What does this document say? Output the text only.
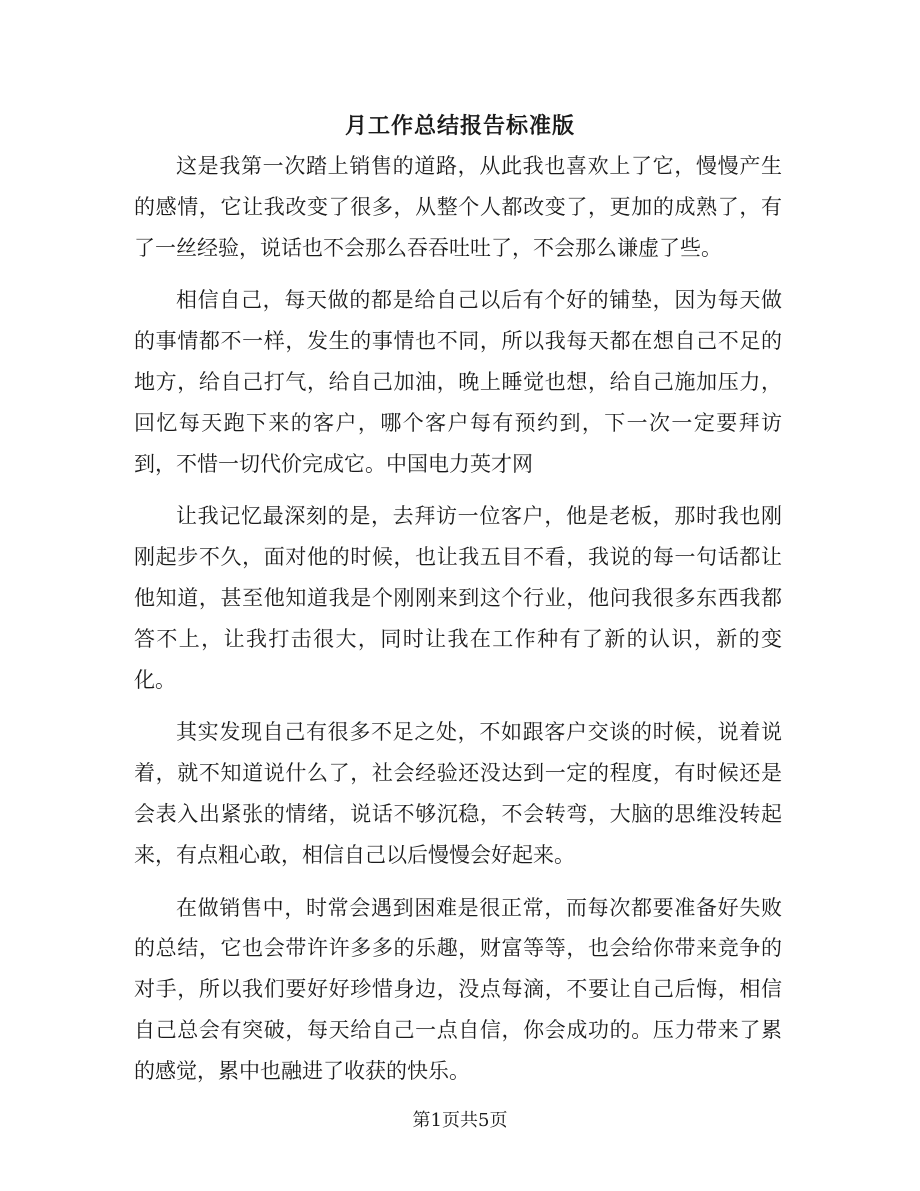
月工作总结报告标准版

这是我第一次踏上销售的道路，从此我也喜欢上了它，慢慢产生的感情，它让我改变了很多，从整个人都改变了，更加的成熟了，有了一丝经验，说话也不会那么吞吞吐吐了，不会那么谦虚了些。

相信自己，每天做的都是给自己以后有个好的铺垫，因为每天做的事情都不一样，发生的事情也不同，所以我每天都在想自己不足的地方，给自己打气，给自己加油，晚上睡觉也想，给自己施加压力，回忆每天跑下来的客户，哪个客户每有预约到，下一次一定要拜访到，不惜一切代价完成它。中国电力英才网

让我记忆最深刻的是，去拜访一位客户，他是老板，那时我也刚刚起步不久，面对他的时候，也让我五目不看，我说的每一句话都让他知道，甚至他知道我是个刚刚来到这个行业，他问我很多东西我都答不上，让我打击很大，同时让我在工作种有了新的认识，新的变化。

其实发现自己有很多不足之处，不如跟客户交谈的时候，说着说着，就不知道说什么了，社会经验还没达到一定的程度，有时候还是会表入出紧张的情绪，说话不够沉稳，不会转弯，大脑的思维没转起来，有点粗心敢，相信自己以后慢慢会好起来。

在做销售中，时常会遇到困难是很正常，而每次都要准备好失败的总结，它也会带许许多多的乐趣，财富等等，也会给你带来竞争的对手，所以我们要好好珍惜身边，没点每滴，不要让自己后悔，相信自己总会有突破，每天给自己一点自信，你会成功的。压力带来了累的感觉，累中也融进了收获的快乐。

第1页共5页
